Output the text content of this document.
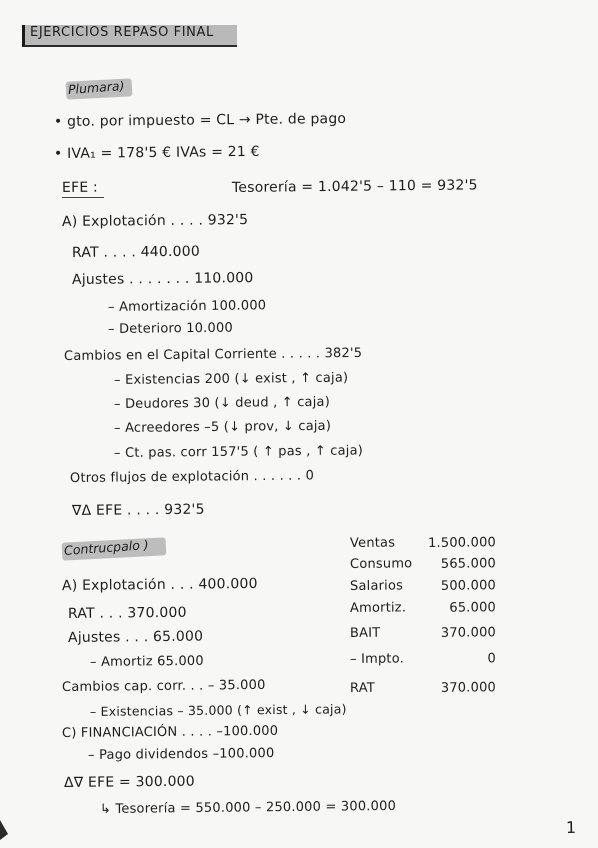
EJERCICIOS REPASO FINAL
Plumara)
• gto. por impuesto = CL → Pte. de pago
• IVA₁ = 178'5 € IVAs = 21 €
EFE :	Tesorería = 1.042'5 – 110 = 932'5
A) Explotación . . . . 932'5
RAT . . . . 440.000
Ajustes . . . . . . . 110.000
– Amortización 100.000
– Deterioro 10.000
Cambios en el Capital Corriente . . . . . 382'5
– Existencias 200 (↓ exist , ↑ caja)
– Deudores 30 (↓ deud , ↑ caja)
– Acreedores –5 (↓ prov, ↓ caja)
– Ct. pas. corr 157'5 ( ↑ pas , ↑ caja)
Otros flujos de explotación . . . . . . 0
∇Δ EFE . . . . 932'5
Contrucpalo )
A) Explotación . . . 400.000
RAT . . . 370.000
Ajustes . . . 65.000
– Amortiz 65.000
Cambios cap. corr. . . – 35.000
– Existencias – 35.000 (↑ exist , ↓ caja)
C) FINANCIACIÓN . . . . –100.000
– Pago dividendos –100.000
Δ∇ EFE = 300.000
↳ Tesorería = 550.000 – 250.000 = 300.000
Ventas	1.500.000
Consumo	565.000
Salarios	500.000
Amortiz.	65.000
BAIT	370.000
– Impto.	0
RAT	370.000
1
